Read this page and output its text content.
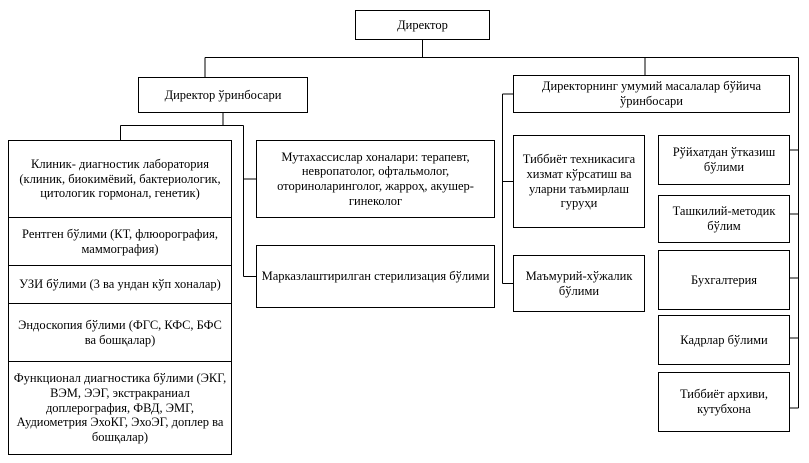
Директор
Директор ўринбосари
Директорнинг умумий масалалар бўйича ўринбосари
Клиник- диагностик лаборатория (клиник, биокимёвий, бактериологик, цитологик гормонал, генетик)
Рентген бўлими (КТ, флюорография, маммография)
УЗИ бўлими (3 ва ундан кўп хоналар)
Эндоскопия бўлими (ФГС, КФС, БФС ва бошқалар)
Функционал диагностика бўлими (ЭКГ, ВЭМ, ЭЭГ, экстракраниал доплерография, ФВД, ЭМГ, Аудиометрия ЭхоКГ, ЭхоЭГ, доплер ва бошқалар)
Мутахассислар хоналари: терапевт, невропатолог, офтальмолог, оториноларинголог, жарроҳ, акушер-гинеколог
Марказлаштирилган стерилизация бўлими
Тиббиёт техникасига хизмат кўрсатиш ва уларни таъмирлаш гуруҳи
Маъмурий-хўжалик бўлими
Рўйхатдан ўтказиш бўлими
Ташкилий-методик бўлим
Бухгалтерия
Кадрлар бўлими
Тиббиёт архиви, кутубхона
